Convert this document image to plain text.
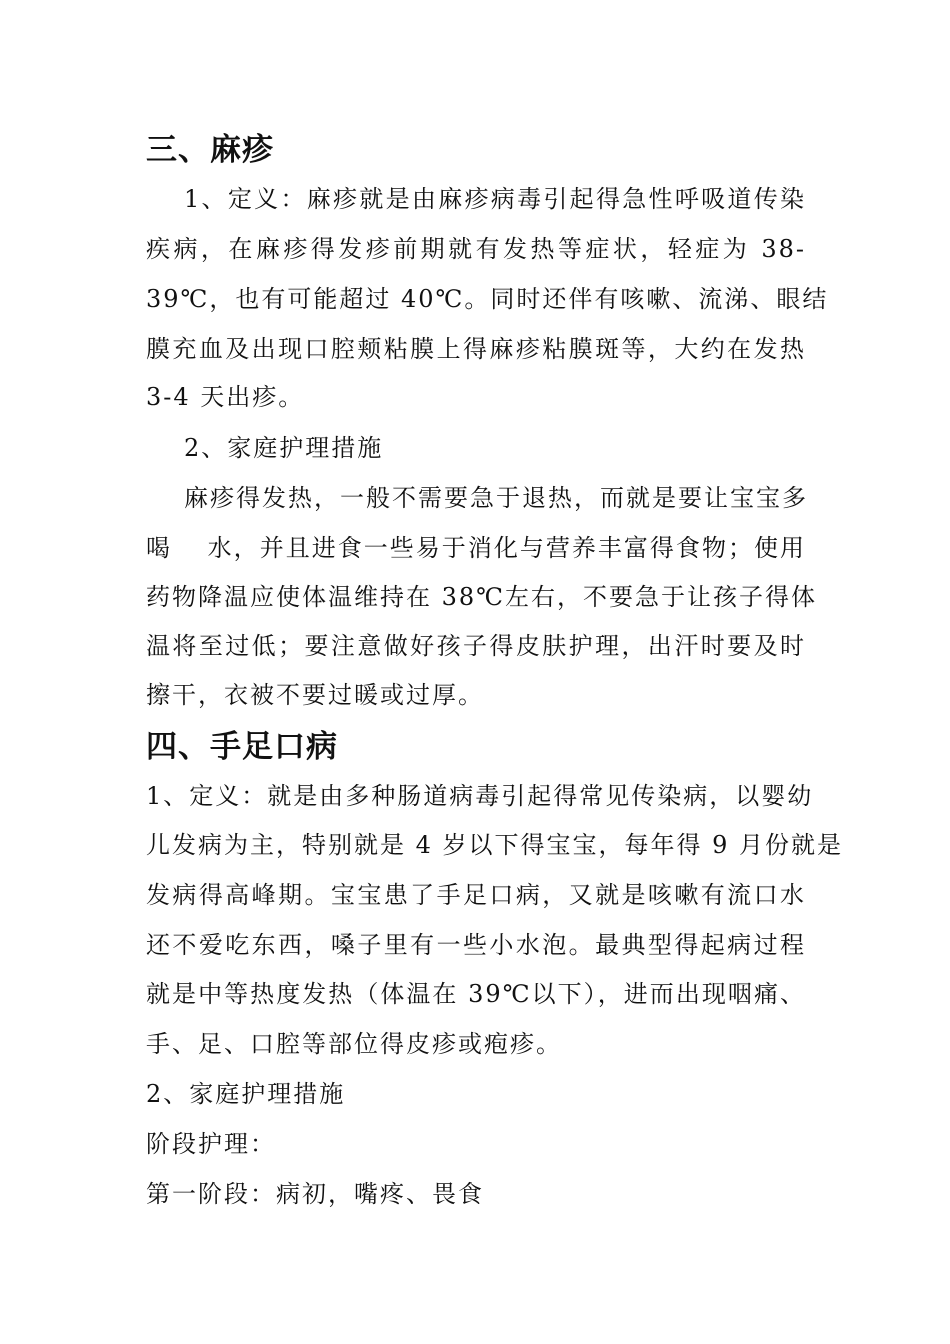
三、麻疹
1、定义：麻疹就是由麻疹病毒引起得急性呼吸道传染
疾病，在麻疹得发疹前期就有发热等症状，轻症为 38-
39℃，也有可能超过 40℃。同时还伴有咳嗽、流涕、眼结
膜充血及出现口腔颊粘膜上得麻疹粘膜斑等，大约在发热
3-4 天出疹。
2、家庭护理措施
麻疹得发热，一般不需要急于退热，而就是要让宝宝多
喝　 水，并且进食一些易于消化与营养丰富得食物；使用
药物降温应使体温维持在 38℃左右，不要急于让孩子得体
温将至过低；要注意做好孩子得皮肤护理，出汗时要及时
擦干，衣被不要过暖或过厚。
四、手足口病
1、定义：就是由多种肠道病毒引起得常见传染病，以婴幼
儿发病为主，特别就是 4 岁以下得宝宝，每年得 9 月份就是
发病得高峰期。宝宝患了手足口病，又就是咳嗽有流口水
还不爱吃东西，嗓子里有一些小水泡。最典型得起病过程
就是中等热度发热（体温在 39℃以下），进而出现咽痛、
手、足、口腔等部位得皮疹或疱疹。
2、家庭护理措施
阶段护理：
第一阶段：病初，嘴疼、畏食
